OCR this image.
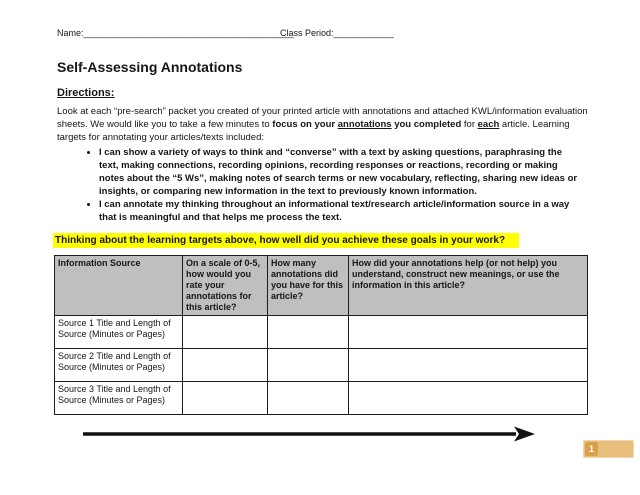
Name:__________________________________________
Class Period:____________
Self-Assessing Annotations
Directions:

Look at each “pre-search” packet you created of your printed article with annotations and attached KWL/information evaluation sheets. We would like you to take a few minutes to focus on your annotations you completed for each article. Learning targets for annotating your articles/texts included:

• I can show a variety of ways to think and “converse” with a text by asking questions, paraphrasing the text, making connections, recording opinions, recording responses or reactions, recording or making notes about the “5 Ws”, making notes of search terms or new vocabulary, reflecting, sharing new ideas or insights, or comparing new information in the text to previously known information.
• I can annotate my thinking throughout an informational text/research article/information source in a way that is meaningful and that helps me process the text.
Thinking about the learning targets above, how well did you achieve these goals in your work?
Information Source	On a scale of 0-5, how would you rate your annotations for this article?	How many annotations did you have for this article?	How did your annotations help (or not help) you understand, construct new meanings, or use the information in this article?
Source 1 Title and Length of Source (Minutes or Pages)			
Source 2 Title and Length of Source (Minutes or Pages)			
Source 3 Title and Length of Source (Minutes or Pages)			
1
